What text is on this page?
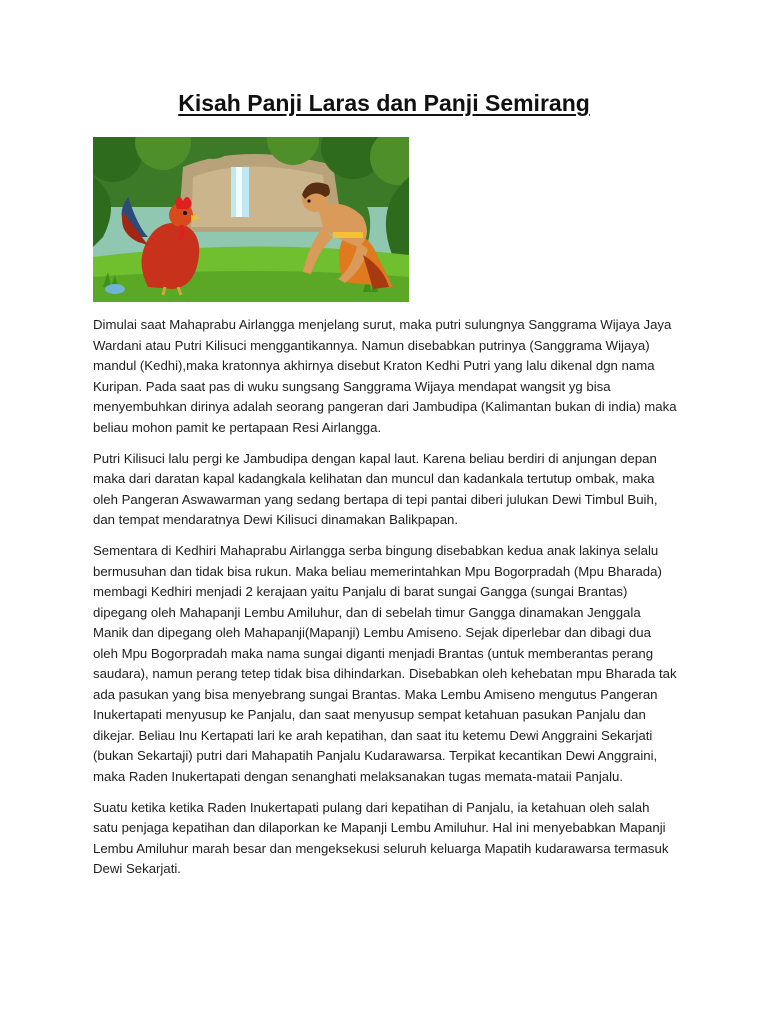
Kisah Panji Laras dan Panji Semirang

Dimulai saat Mahaprabu Airlangga menjelang surut, maka putri sulungnya Sanggrama Wijaya Jaya Wardani atau Putri Kilisuci menggantikannya. Namun disebabkan putrinya (Sanggrama Wijaya) mandul (Kedhi),maka kratonnya akhirnya disebut Kraton Kedhi Putri yang lalu dikenal dgn nama Kuripan. Pada saat pas di wuku sungsang Sanggrama Wijaya mendapat wangsit yg bisa menyembuhkan dirinya adalah seorang pangeran dari Jambudipa (Kalimantan bukan di india) maka beliau mohon pamit ke pertapaan Resi Airlangga.

Putri Kilisuci lalu pergi ke Jambudipa dengan kapal laut. Karena beliau berdiri di anjungan depan maka dari daratan kapal kadangkala kelihatan dan muncul dan kadankala tertutup ombak, maka oleh Pangeran Aswawarman yang sedang bertapa di tepi pantai diberi julukan Dewi Timbul Buih, dan tempat mendaratnya Dewi Kilisuci dinamakan Balikpapan.

Sementara di Kedhiri Mahaprabu Airlangga serba bingung disebabkan kedua anak lakinya selalu bermusuhan dan tidak bisa rukun. Maka beliau memerintahkan Mpu Bogorpradah (Mpu Bharada) membagi Kedhiri menjadi 2 kerajaan yaitu Panjalu di barat sungai Gangga (sungai Brantas) dipegang oleh Mahapanji Lembu Amiluhur, dan di sebelah timur Gangga dinamakan Jenggala Manik dan dipegang oleh Mahapanji(Mapanji) Lembu Amiseno. Sejak diperlebar dan dibagi dua oleh Mpu Bogorpradah maka nama sungai diganti menjadi Brantas (untuk memberantas perang saudara), namun perang tetep tidak bisa dihindarkan. Disebabkan oleh kehebatan mpu Bharada tak ada pasukan yang bisa menyebrang sungai Brantas. Maka Lembu Amiseno mengutus Pangeran Inukertapati menyusup ke Panjalu, dan saat menyusup sempat ketahuan pasukan Panjalu dan dikejar. Beliau Inu Kertapati lari ke arah kepatihan, dan saat itu ketemu Dewi Anggraini Sekarjati (bukan Sekartaji) putri dari Mahapatih Panjalu Kudarawarsa. Terpikat kecantikan Dewi Anggraini, maka Raden Inukertapati dengan senanghati melaksanakan tugas memata-mataii Panjalu.

Suatu ketika ketika Raden Inukertapati pulang dari kepatihan di Panjalu, ia ketahuan oleh salah satu penjaga kepatihan dan dilaporkan ke Mapanji Lembu Amiluhur. Hal ini menyebabkan Mapanji Lembu Amiluhur marah besar dan mengeksekusi seluruh keluarga Mapatih kudarawarsa termasuk Dewi Sekarjati.
